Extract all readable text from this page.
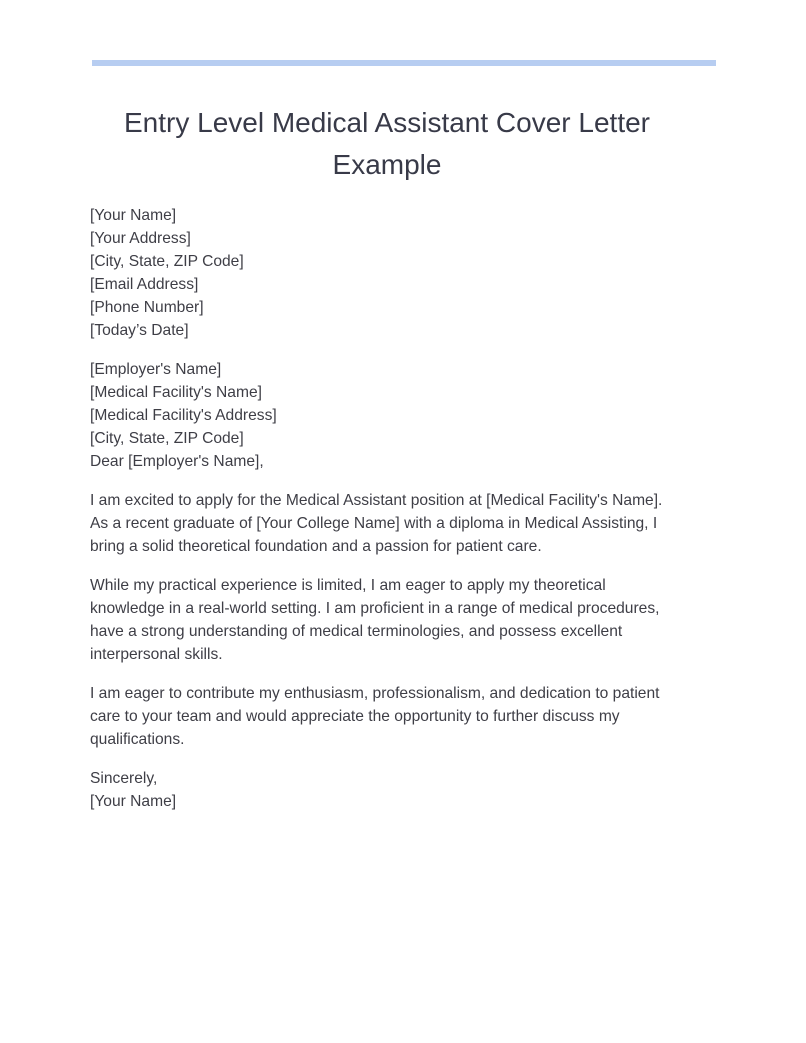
Entry Level Medical Assistant Cover Letter Example
[Your Name]
[Your Address]
[City, State, ZIP Code]
[Email Address]
[Phone Number]
[Today’s Date]
[Employer's Name]
[Medical Facility's Name]
[Medical Facility's Address]
[City, State, ZIP Code]
Dear [Employer's Name],
I am excited to apply for the Medical Assistant position at [Medical Facility's Name].
As a recent graduate of [Your College Name] with a diploma in Medical Assisting, I
bring a solid theoretical foundation and a passion for patient care.
While my practical experience is limited, I am eager to apply my theoretical
knowledge in a real-world setting. I am proficient in a range of medical procedures,
have a strong understanding of medical terminologies, and possess excellent
interpersonal skills.
I am eager to contribute my enthusiasm, professionalism, and dedication to patient
care to your team and would appreciate the opportunity to further discuss my
qualifications.
Sincerely,
[Your Name]
